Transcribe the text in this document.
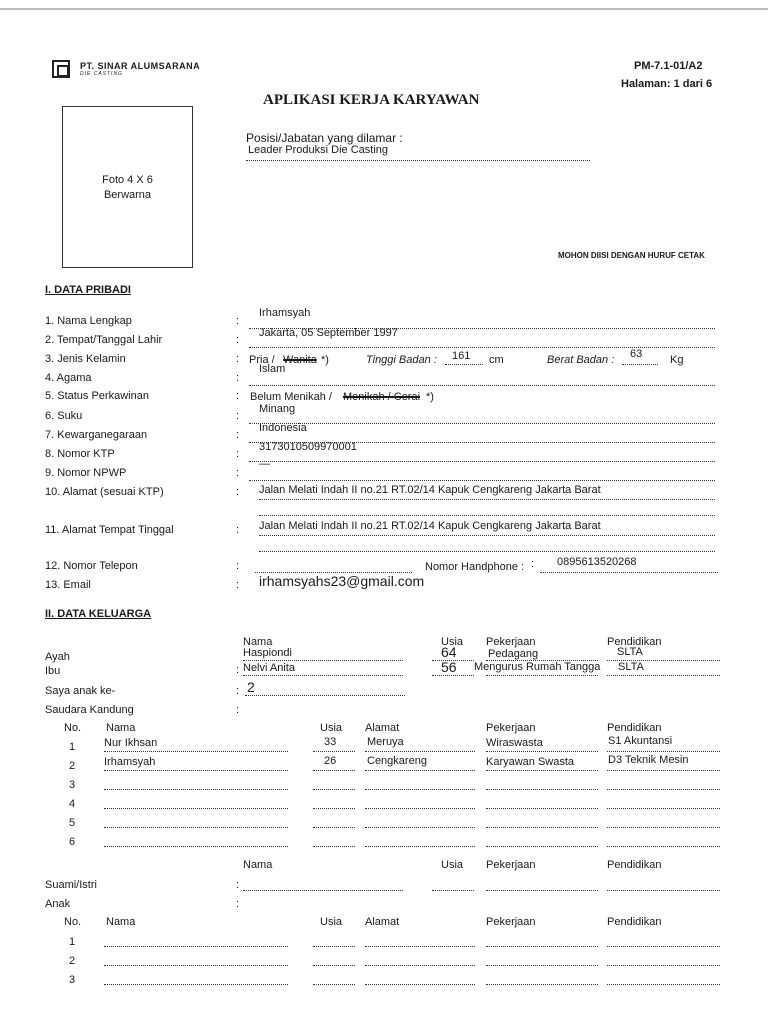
PT. SINAR ALUMSARANA
DIE CASTING
PM-7.1-01/A2
Halaman: 1 dari 6
APLIKASI KERJA KARYAWAN
Foto 4 X 6
Berwarna
Posisi/Jabatan yang dilamar :
Leader Produksi Die Casting
MOHON DIISI DENGAN HURUF CETAK
I. DATA PRIBADI
1. Nama Lengkap	:
Irhamsyah
2. Tempat/Tanggal Lahir	:
Jakarta, 05 September 1997
4. Agama	:
Islam
6. Suku	:
Minang
7. Kewarganegaraan	:
Indonesia
8. Nomor KTP	:
3173010509970001
9. Nomor NPWP	:
—
3. Jenis Kelamin	: Pria / Wanita *)	Tinggi Badan : 161 cm	Berat Badan : 63	Kg
5. Status Perkawinan	: Belum Menikah / Menikah / Cerai *)
10. Alamat (sesuai KTP)	: Jalan Melati Indah II no.21 RT.02/14 Kapuk Cengkareng Jakarta Barat
11. Alamat Tempat Tinggal	: Jalan Melati Indah II no.21 RT.02/14 Kapuk Cengkareng Jakarta Barat
12. Nomor Telepon	:	Nomor Handphone : : 0895613520268
13. Email	: irhamsyahs23@gmail.com
II. DATA KELUARGA
Nama	Usia Pekerjaan	Pendidikan
Ayah	Haspiondi	64	Pedagang	SLTA
Ibu	: Nelvi Anita	56 Mengurus Rumah Tangga SLTA
Saya anak ke-	: 2
Saudara Kandung	:
No. Nama	Usia Alamat	Pekerjaan	Pendidikan
1	Nur Ikhsan	33	Meruya	Wiraswasta	S1 Akuntansi
2	Irhamsyah	26	Cengkareng	Karyawan Swasta	D3 Teknik Mesin
3
4
5
6
Nama	Usia Pekerjaan	Pendidikan
Suami/Istri	:
Anak	:
No. Nama	Usia Alamat	Pekerjaan	Pendidikan
1
2
3
